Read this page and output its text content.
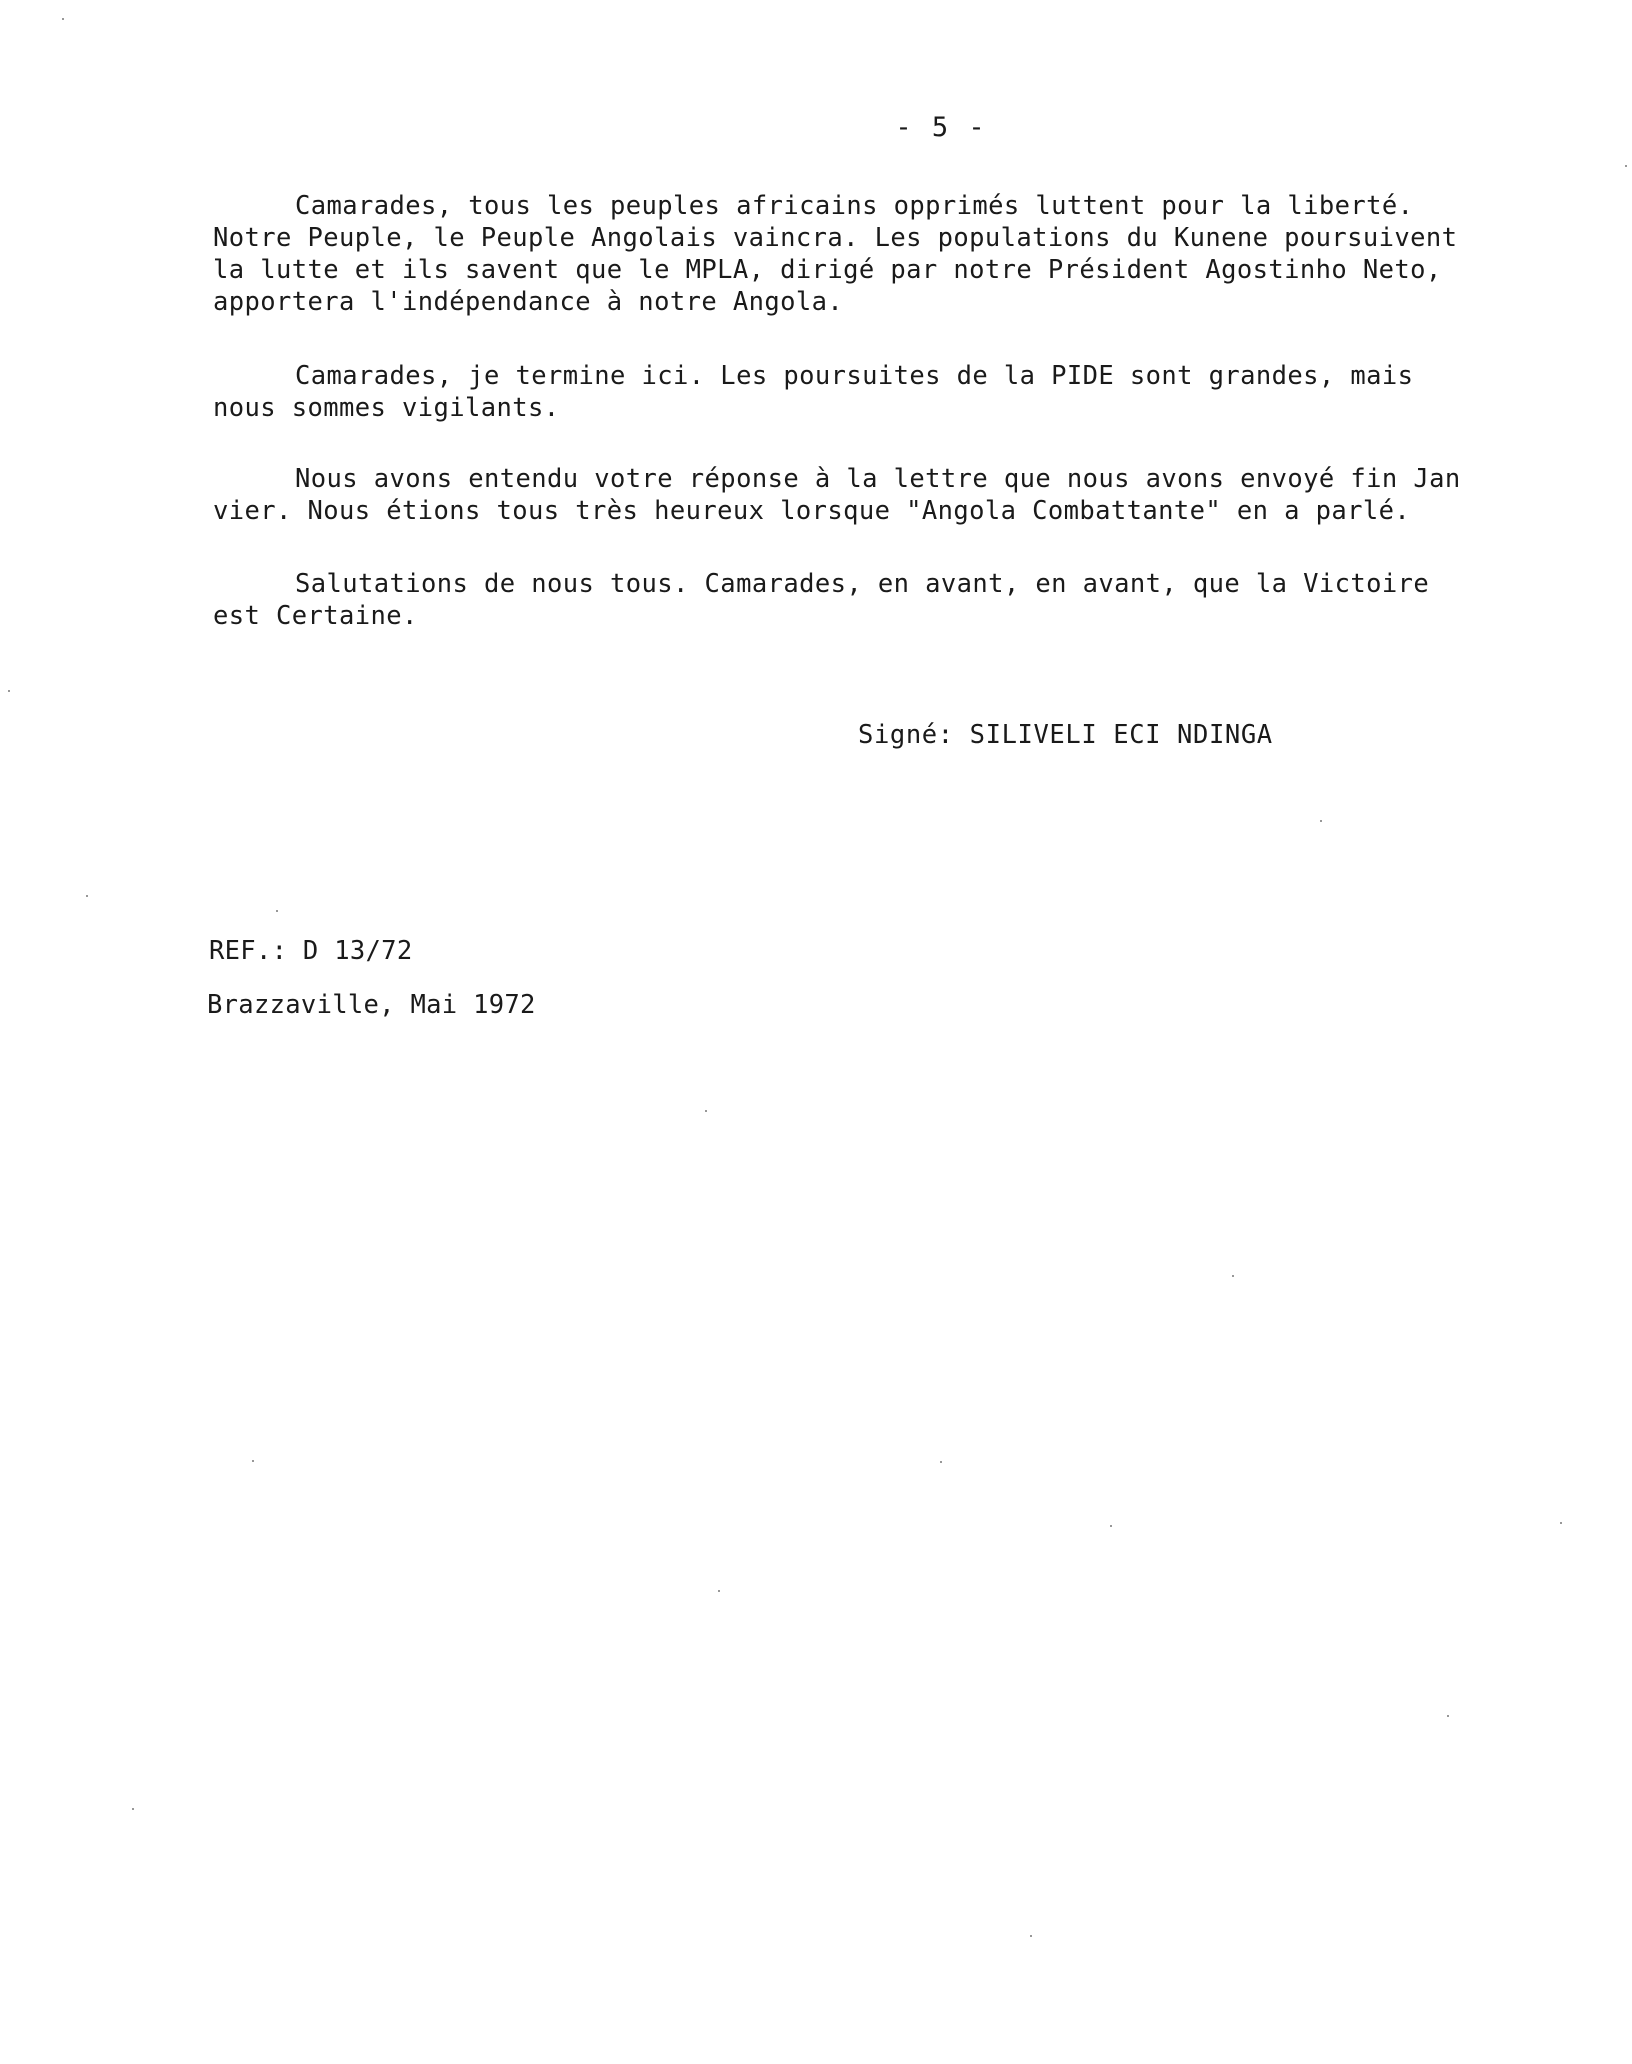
- 5 -
Camarades, tous les peuples africains opprimés luttent pour la liberté.
Notre Peuple, le Peuple Angolais vaincra. Les populations du Kunene poursuivent
la lutte et ils savent que le MPLA, dirigé par notre Président Agostinho Neto,
apportera l'indépendance à notre Angola.
Camarades, je termine ici. Les poursuites de la PIDE sont grandes, mais
nous sommes vigilants.
Nous avons entendu votre réponse à la lettre que nous avons envoyé fin Jan
vier. Nous étions tous très heureux lorsque "Angola Combattante" en a parlé.
Salutations de nous tous. Camarades, en avant, en avant, que la Victoire
est Certaine.
Signé: SILIVELI ECI NDINGA
REF.: D 13/72
Brazzaville, Mai 1972
